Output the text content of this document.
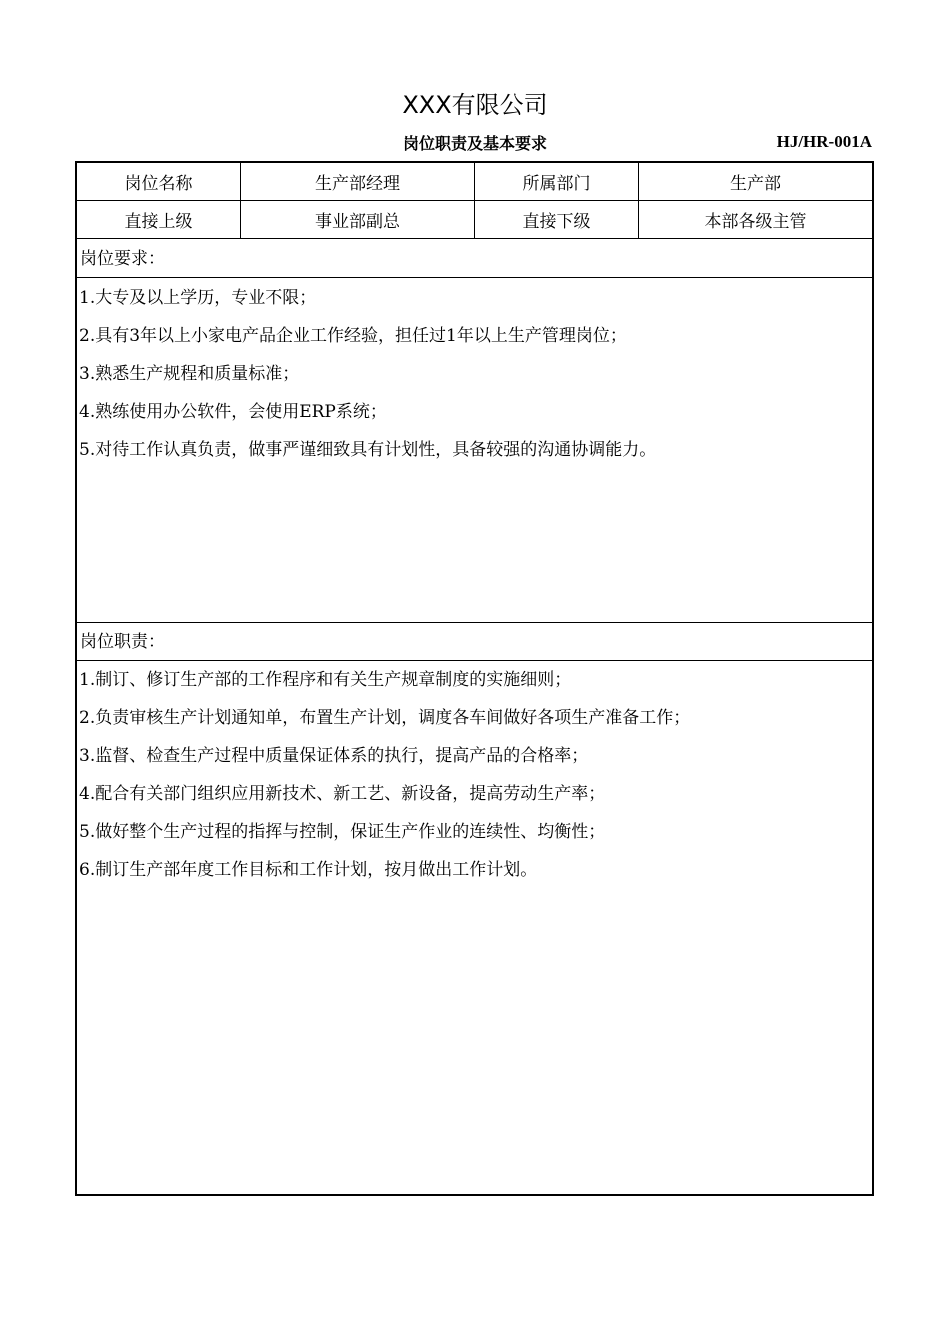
XXX有限公司
岗位职责及基本要求	HJ/HR-001A
岗位名称	生产部经理	所属部门	生产部
直接上级	事业部副总	直接下级	本部各级主管
岗位要求：
1.大专及以上学历，专业不限；
2.具有3年以上小家电产品企业工作经验，担任过1年以上生产管理岗位；
3.熟悉生产规程和质量标准；
4.熟练使用办公软件，会使用ERP系统；
5.对待工作认真负责，做事严谨细致具有计划性，具备较强的沟通协调能力。
岗位职责：
1.制订、修订生产部的工作程序和有关生产规章制度的实施细则；
2.负责审核生产计划通知单，布置生产计划，调度各车间做好各项生产准备工作；
3.监督、检查生产过程中质量保证体系的执行，提高产品的合格率；
4.配合有关部门组织应用新技术、新工艺、新设备，提高劳动生产率；
5.做好整个生产过程的指挥与控制，保证生产作业的连续性、均衡性；
6.制订生产部年度工作目标和工作计划，按月做出工作计划。
